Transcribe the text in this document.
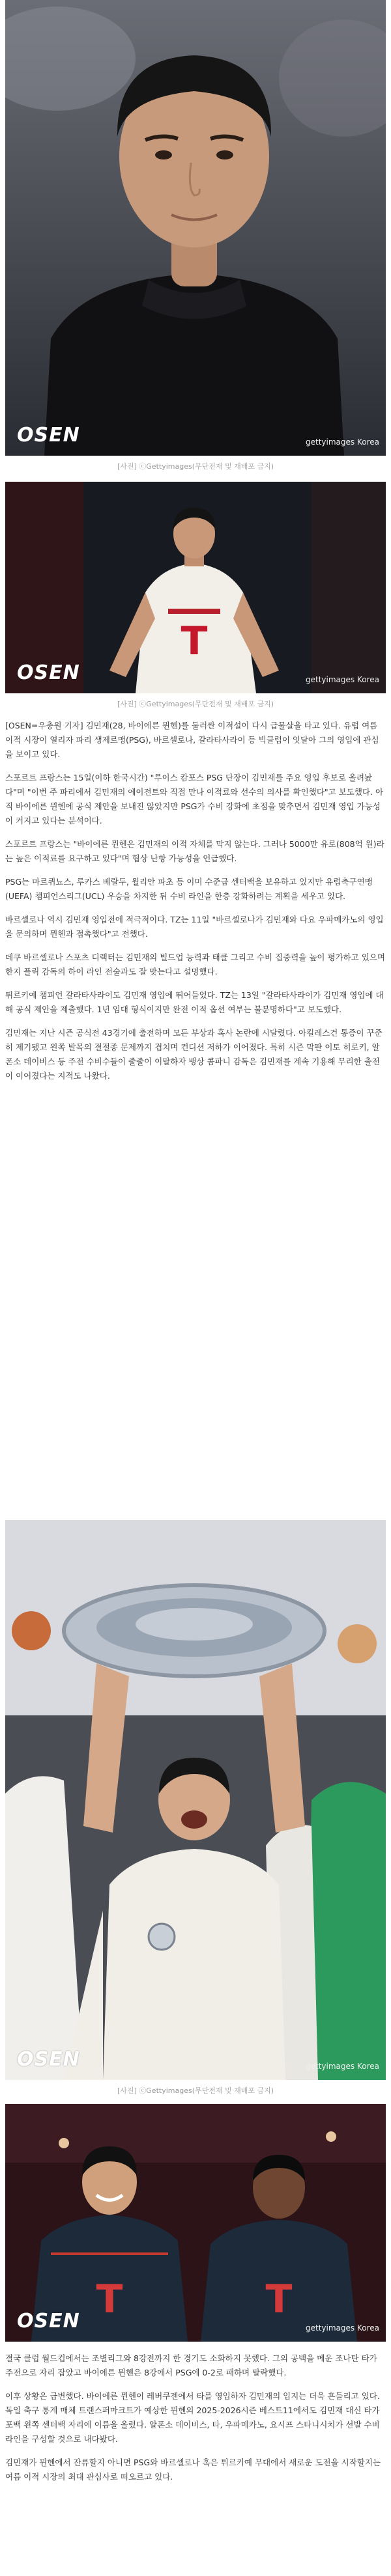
OSEN	gettyimages Korea
[사진] ⓒGettyimages(무단전재 및 재배포 금지)
T
OSEN	gettyimages Korea
[사진] ⓒGettyimages(무단전재 및 재배포 금지)

[OSEN=우충원 기자] 김민재(28, 바이에른 뮌헨)를 둘러싼 이적설이 다시 급물살을 타고 있다. 유럽 여름 이적 시장이 열리자 파리 생제르맹(PSG), 바르셀로나, 갈라타사라이 등 빅클럽이 잇달아 그의 영입에 관심을 보이고 있다.

스포르트 프랑스는 15일(이하 한국시간) "루이스 캄포스 PSG 단장이 김민재를 주요 영입 후보로 올려놨다"며 "이번 주 파리에서 김민재의 에이전트와 직접 만나 이적료와 선수의 의사를 확인했다"고 보도했다. 아직 바이에른 뮌헨에 공식 제안을 보내진 않았지만 PSG가 수비 강화에 초점을 맞추면서 김민재 영입 가능성이 커지고 있다는 분석이다.

스포르트 프랑스는 "바이에른 뮌헨은 김민재의 이적 자체를 막지 않는다. 그러나 5000만 유로(808억 원)라는 높은 이적료를 요구하고 있다"며 협상 난항 가능성을 언급했다.

PSG는 마르퀴뇨스, 루카스 베랄두, 윌리안 파초 등 이미 수준급 센터백을 보유하고 있지만 유럽축구연맹(UEFA) 챔피언스리그(UCL) 우승을 차지한 뒤 수비 라인을 한층 강화하려는 계획을 세우고 있다.

바르셀로나 역시 김민재 영입전에 적극적이다. TZ는 11일 "바르셀로나가 김민재와 다요 우파메카노의 영입을 문의하며 뮌헨과 접촉했다"고 전했다.

데쿠 바르셀로나 스포츠 디렉터는 김민재의 빌드업 능력과 태클 그리고 수비 집중력을 높이 평가하고 있으며 한지 플릭 감독의 하이 라인 전술과도 잘 맞는다고 설명했다.

튀르키예 챔피언 갈라타사라이도 김민재 영입에 뛰어들었다. TZ는 13일 "갈라타사라이가 김민재 영입에 대해 공식 제안을 제출했다. 1년 임대 형식이지만 완전 이적 옵션 여부는 불분명하다"고 보도했다.

김민재는 지난 시즌 공식전 43경기에 출전하며 모든 부상과 혹사 논란에 시달렸다. 아킬레스건 통증이 꾸준히 제기됐고 왼쪽 발목의 결절종 문제까지 겹치며 컨디션 저하가 이어졌다. 특히 시즌 막판 이토 히로키, 알폰소 데이비스 등 주전 수비수들이 줄줄이 이탈하자 뱅상 콤파니 감독은 김민재를 계속 기용해 무리한 출전이 이어졌다는 지적도 나왔다.

OSEN	gettyimages Korea
[사진] ⓒGettyimages(무단전재 및 재배포 금지)
T	T
OSEN	gettyimages Korea

결국 클럽 월드컵에서는 조별리그와 8강전까지 한 경기도 소화하지 못했다. 그의 공백을 메운 조나탄 타가 주전으로 자리 잡았고 바이에른 뮌헨은 8강에서 PSG에 0-2로 패하며 탈락했다.

이후 상황은 급변했다. 바이에른 뮌헨이 레버쿠젠에서 타를 영입하자 김민재의 입지는 더욱 흔들리고 있다. 독일 축구 통계 매체 트랜스퍼마크트가 예상한 뮌헨의 2025-2026시즌 베스트11에서도 김민재 대신 타가 포백 왼쪽 센터백 자리에 이름을 올렸다. 알폰소 데이비스, 타, 우파메카노, 요시프 스타니시치가 선발 수비 라인을 구성할 것으로 내다봤다.

김민재가 뮌헨에서 잔류할지 아니면 PSG와 바르셀로나 혹은 튀르키예 무대에서 새로운 도전을 시작할지는 여름 이적 시장의 최대 관심사로 떠오르고 있다.
